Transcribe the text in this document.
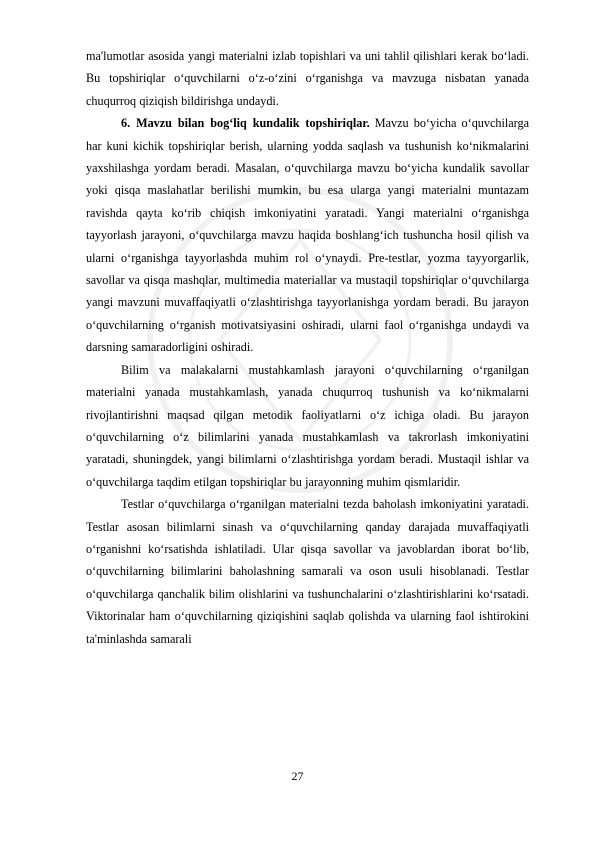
ma'lumotlar asosida yangi materialni izlab topishlari va uni tahlil qilishlari kerak bo‘ladi. Bu topshiriqlar o‘quvchilarni o‘z-o‘zini o‘rganishga va mavzuga nisbatan yanada chuqurroq qiziqish bildirishga undaydi.

6. Mavzu bilan bog‘liq kundalik topshiriqlar. Mavzu bo‘yicha o‘quvchilarga har kuni kichik topshiriqlar berish, ularning yodda saqlash va tushunish ko‘nikmalarini yaxshilashga yordam beradi. Masalan, o‘quvchilarga mavzu bo‘yicha kundalik savollar yoki qisqa maslahatlar berilishi mumkin, bu esa ularga yangi materialni muntazam ravishda qayta ko‘rib chiqish imkoniyatini yaratadi. Yangi materialni o‘rganishga tayyorlash jarayoni, o‘quvchilarga mavzu haqida boshlang‘ich tushuncha hosil qilish va ularni o‘rganishga tayyorlashda muhim rol o‘ynaydi. Pre-testlar, yozma tayyorgarlik, savollar va qisqa mashqlar, multimedia materiallar va mustaqil topshiriqlar o‘quvchilarga yangi mavzuni muvaffaqiyatli o‘zlashtirishga tayyorlanishga yordam beradi. Bu jarayon o‘quvchilarning o‘rganish motivatsiyasini oshiradi, ularni faol o‘rganishga undaydi va darsning samaradorligini oshiradi.

Bilim va malakalarni mustahkamlash jarayoni o‘quvchilarning o‘rganilgan materialni yanada mustahkamlash, yanada chuqurroq tushunish va ko‘nikmalarni rivojlantirishni maqsad qilgan metodik faoliyatlarni o‘z ichiga oladi. Bu jarayon o‘quvchilarning o‘z bilimlarini yanada mustahkamlash va takrorlash imkoniyatini yaratadi, shuningdek, yangi bilimlarni o‘zlashtirishga yordam beradi. Mustaqil ishlar va o‘quvchilarga taqdim etilgan topshiriqlar bu jarayonning muhim qismlaridir.

Testlar o‘quvchilarga o‘rganilgan materialni tezda baholash imkoniyatini yaratadi. Testlar asosan bilimlarni sinash va o‘quvchilarning qanday darajada muvaffaqiyatli o‘rganishni ko‘rsatishda ishlatiladi. Ular qisqa savollar va javoblardan iborat bo‘lib, o‘quvchilarning bilimlarini baholashning samarali va oson usuli hisoblanadi. Testlar o‘quvchilarga qanchalik bilim olishlarini va tushunchalarini o‘zlashtirishlarini ko‘rsatadi. Viktorinalar ham o‘quvchilarning qiziqishini saqlab qolishda va ularning faol ishtirokini ta'minlashda samarali

27
